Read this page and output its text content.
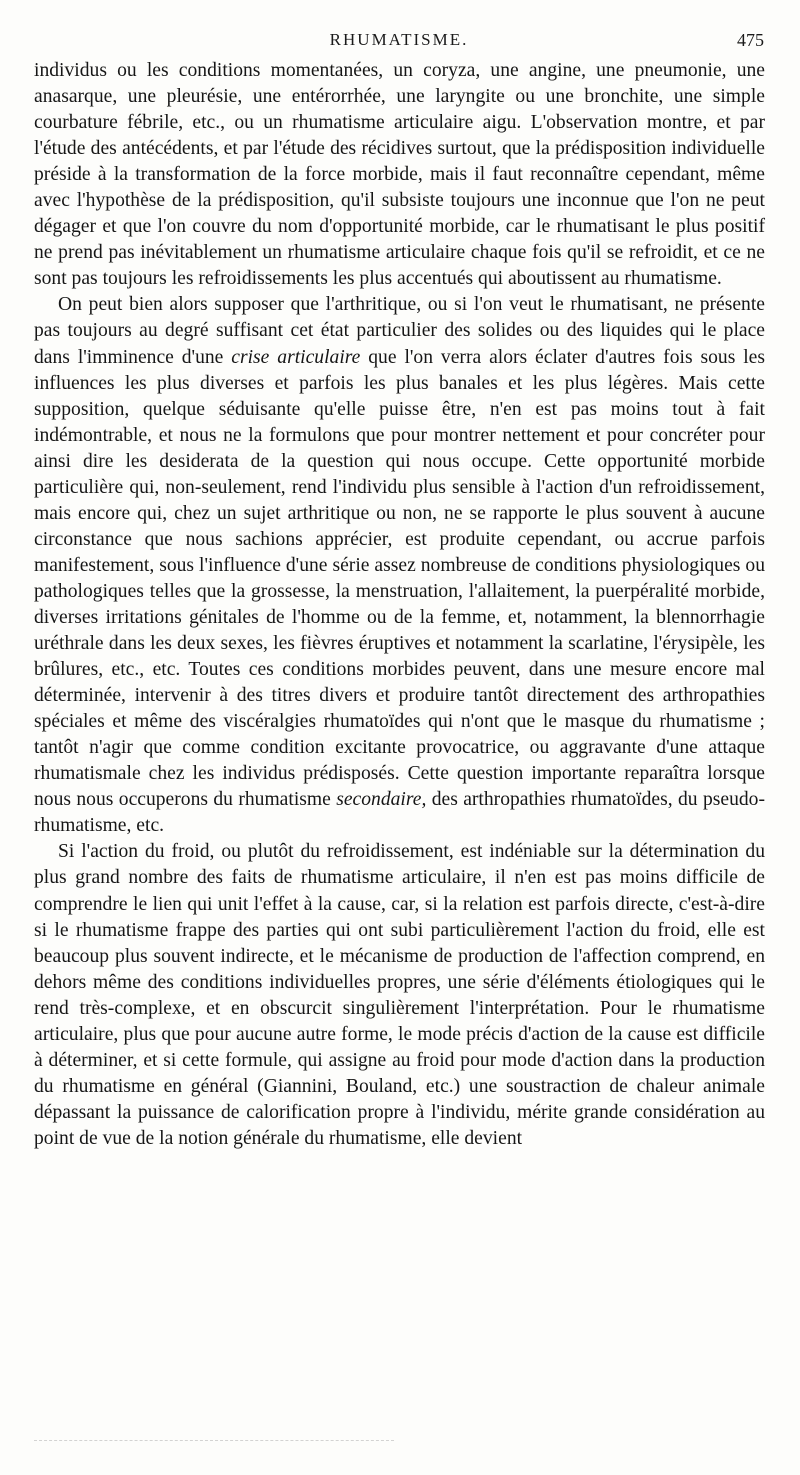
RHUMATISME.	475

individus ou les conditions momentanées, un coryza, une angine, une pneumonie, une anasarque, une pleurésie, une entérorrhée, une laryngite ou une bronchite, une simple courbature fébrile, etc., ou un rhumatisme articulaire aigu. L'observation montre, et par l'étude des antécédents, et par l'étude des récidives surtout, que la prédisposition individuelle préside à la transformation de la force morbide, mais il faut reconnaître cependant, même avec l'hypothèse de la prédisposition, qu'il subsiste toujours une inconnue que l'on ne peut dégager et que l'on couvre du nom d'opportunité morbide, car le rhumatisant le plus positif ne prend pas inévitablement un rhumatisme articulaire chaque fois qu'il se refroidit, et ce ne sont pas toujours les refroidissements les plus accentués qui aboutissent au rhumatisme.

On peut bien alors supposer que l'arthritique, ou si l'on veut le rhumatisant, ne présente pas toujours au degré suffisant cet état particulier des solides ou des liquides qui le place dans l'imminence d'une crise articulaire que l'on verra alors éclater d'autres fois sous les influences les plus diverses et parfois les plus banales et les plus légères. Mais cette supposition, quelque séduisante qu'elle puisse être, n'en est pas moins tout à fait indémontrable, et nous ne la formulons que pour montrer nettement et pour concréter pour ainsi dire les desiderata de la question qui nous occupe. Cette opportunité morbide particulière qui, non-seulement, rend l'individu plus sensible à l'action d'un refroidissement, mais encore qui, chez un sujet arthritique ou non, ne se rapporte le plus souvent à aucune circonstance que nous sachions apprécier, est produite cependant, ou accrue parfois manifestement, sous l'influence d'une série assez nombreuse de conditions physiologiques ou pathologiques telles que la grossesse, la menstruation, l'allaitement, la puerpéralité morbide, diverses irritations génitales de l'homme ou de la femme, et, notamment, la blennorrhagie uréthrale dans les deux sexes, les fièvres éruptives et notamment la scarlatine, l'érysipèle, les brûlures, etc., etc. Toutes ces conditions morbides peuvent, dans une mesure encore mal déterminée, intervenir à des titres divers et produire tantôt directement des arthropathies spéciales et même des viscéralgies rhumatoïdes qui n'ont que le masque du rhumatisme ; tantôt n'agir que comme condition excitante provocatrice, ou aggravante d'une attaque rhumatismale chez les individus prédisposés. Cette question importante reparaîtra lorsque nous nous occuperons du rhumatisme secondaire, des arthropathies rhumatoïdes, du pseudo-rhumatisme, etc.

Si l'action du froid, ou plutôt du refroidissement, est indéniable sur la détermination du plus grand nombre des faits de rhumatisme articulaire, il n'en est pas moins difficile de comprendre le lien qui unit l'effet à la cause, car, si la relation est parfois directe, c'est-à-dire si le rhumatisme frappe des parties qui ont subi particulièrement l'action du froid, elle est beaucoup plus souvent indirecte, et le mécanisme de production de l'affection comprend, en dehors même des conditions individuelles propres, une série d'éléments étiologiques qui le rend très-complexe, et en obscurcit singulièrement l'interprétation. Pour le rhumatisme articulaire, plus que pour aucune autre forme, le mode précis d'action de la cause est difficile à déterminer, et si cette formule, qui assigne au froid pour mode d'action dans la production du rhumatisme en général (Giannini, Bouland, etc.) une soustraction de chaleur animale dépassant la puissance de calorification propre à l'individu, mérite grande considération au point de vue de la notion générale du rhumatisme, elle devient
